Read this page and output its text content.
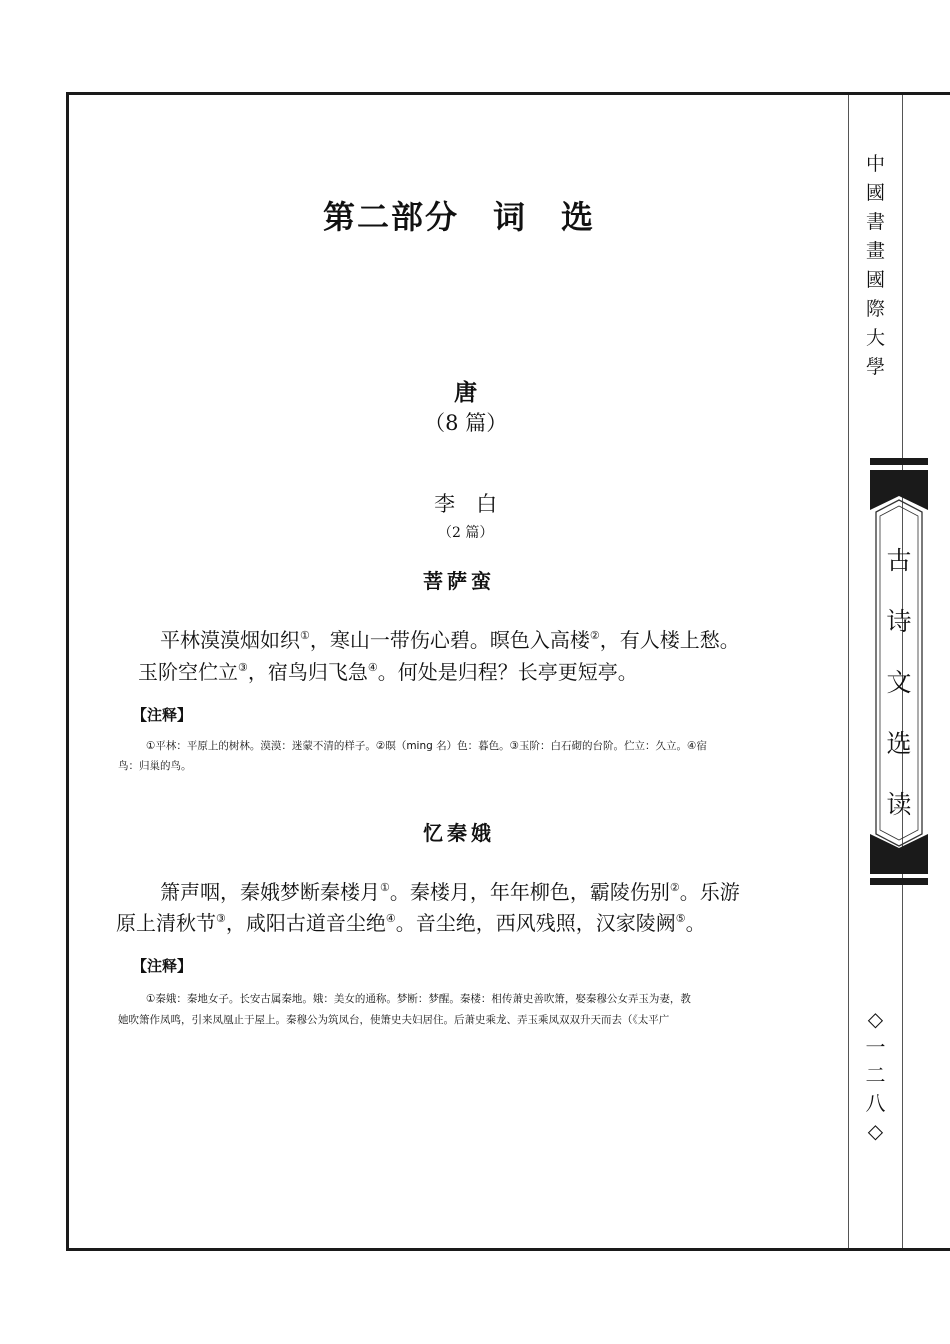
中
國
書
畫
國
際
大
學
古
诗
文
选
读
◇
一
二
八
◇
第二部分　词　选

唐
（8 篇）

李　白
（2 篇）

菩萨蛮
平林漠漠烟如织①，寒山一带伤心碧。暝色入高楼②，有人楼上愁。
玉阶空伫立③，宿鸟归飞急④。何处是归程？长亭更短亭。
【注释】
①平林：平原上的树林。漠漠：迷蒙不清的样子。②暝（ming 名）色：暮色。③玉阶：白石砌的台阶。伫立：久立。④宿
鸟：归巢的鸟。
忆秦娥
箫声咽，秦娥梦断秦楼月①。秦楼月，年年柳色，霸陵伤别②。乐游
原上清秋节③，咸阳古道音尘绝④。音尘绝，西风残照，汉家陵阙⑤。
【注释】
①秦娥：秦地女子。长安古属秦地。娥：美女的通称。梦断：梦醒。秦楼：相传萧史善吹箫，娶秦穆公女弄玉为妻，教
她吹箫作凤鸣，引来凤凰止于屋上。秦穆公为筑凤台，使箫史夫妇居住。后萧史乘龙、弄玉乘凤双双升天而去（《太平广
